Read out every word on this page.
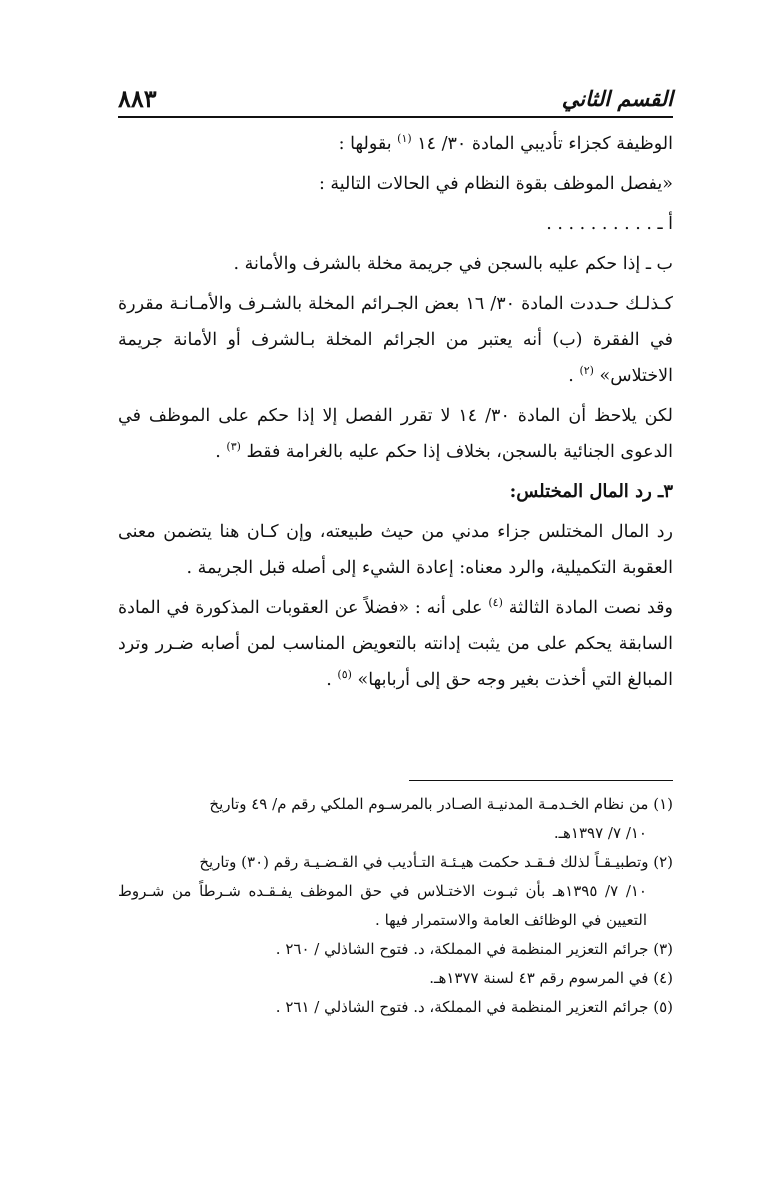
القسم الثاني
٨٨٣

الوظيفة كجزاء تأديبي المادة ٣٠/ ١٤ $^{(١)}$ بقولها :

«يفصل الموظف بقوة النظام في الحالات التالية :

أ ـ . . . . . . . . . .

ب ـ إذا حكم عليه بالسجن في جريمة مخلة بالشرف والأمانة .

كـذلـك حـددت المادة ٣٠/ ١٦ بعض الجـرائم المخلة بالشـرف والأمـانـة مقررة في الفقرة (ب) أنه يعتبر من الجرائم المخلة بـالشرف أو الأمانة جريمة الاختلاس» $^{(٢)}$ .

لكن يلاحظ أن المادة ٣٠/ ١٤ لا تقرر الفصل إلا إذا حكم على الموظف في الدعوى الجنائية بالسجن، بخلاف إذا حكم عليه بالغرامة فقط $^{(٣)}$ .

٣ـ رد المال المختلس:

رد المال المختلس جزاء مدني من حيث طبيعته، وإن كـان هنا يتضمن معنى العقوبة التكميلية، والرد معناه: إعادة الشيء إلى أصله قبل الجريمة .

وقد نصت المادة الثالثة $^{(٤)}$ على أنه : «فضلاً عن العقوبات المذكورة في المادة السابقة يحكم على من يثبت إدانته بالتعويض المناسب لمن أصابه ضـرر وترد المبالغ التي أخذت بغير وجه حق إلى أربابها» $^{(٥)}$ .

(١) من نظام الخـدمـة المدنيـة الصـادر بالمرسـوم الملكي رقم م/ ٤٩ وتاريخ

١٠/ ٧/ ١٣٩٧هـ.

(٢) وتطبيـقـاً لذلك فـقـد حكمت هيـئـة التـأديب في القـضـيـة رقم (٣٠) وتاريخ

١٠/ ٧/ ١٣٩٥هـ بأن ثبـوت الاختـلاس في حق الموظف يفـقـده شـرطاً من شـروط التعيين في الوظائف العامة والاستمرار فيها .

(٣) جرائم التعزير المنظمة في المملكة، د. فتوح الشاذلي / ٢٦٠ .

(٤) في المرسوم رقم ٤٣ لسنة ١٣٧٧هـ.

(٥) جرائم التعزير المنظمة في المملكة، د. فتوح الشاذلي / ٢٦١ .
